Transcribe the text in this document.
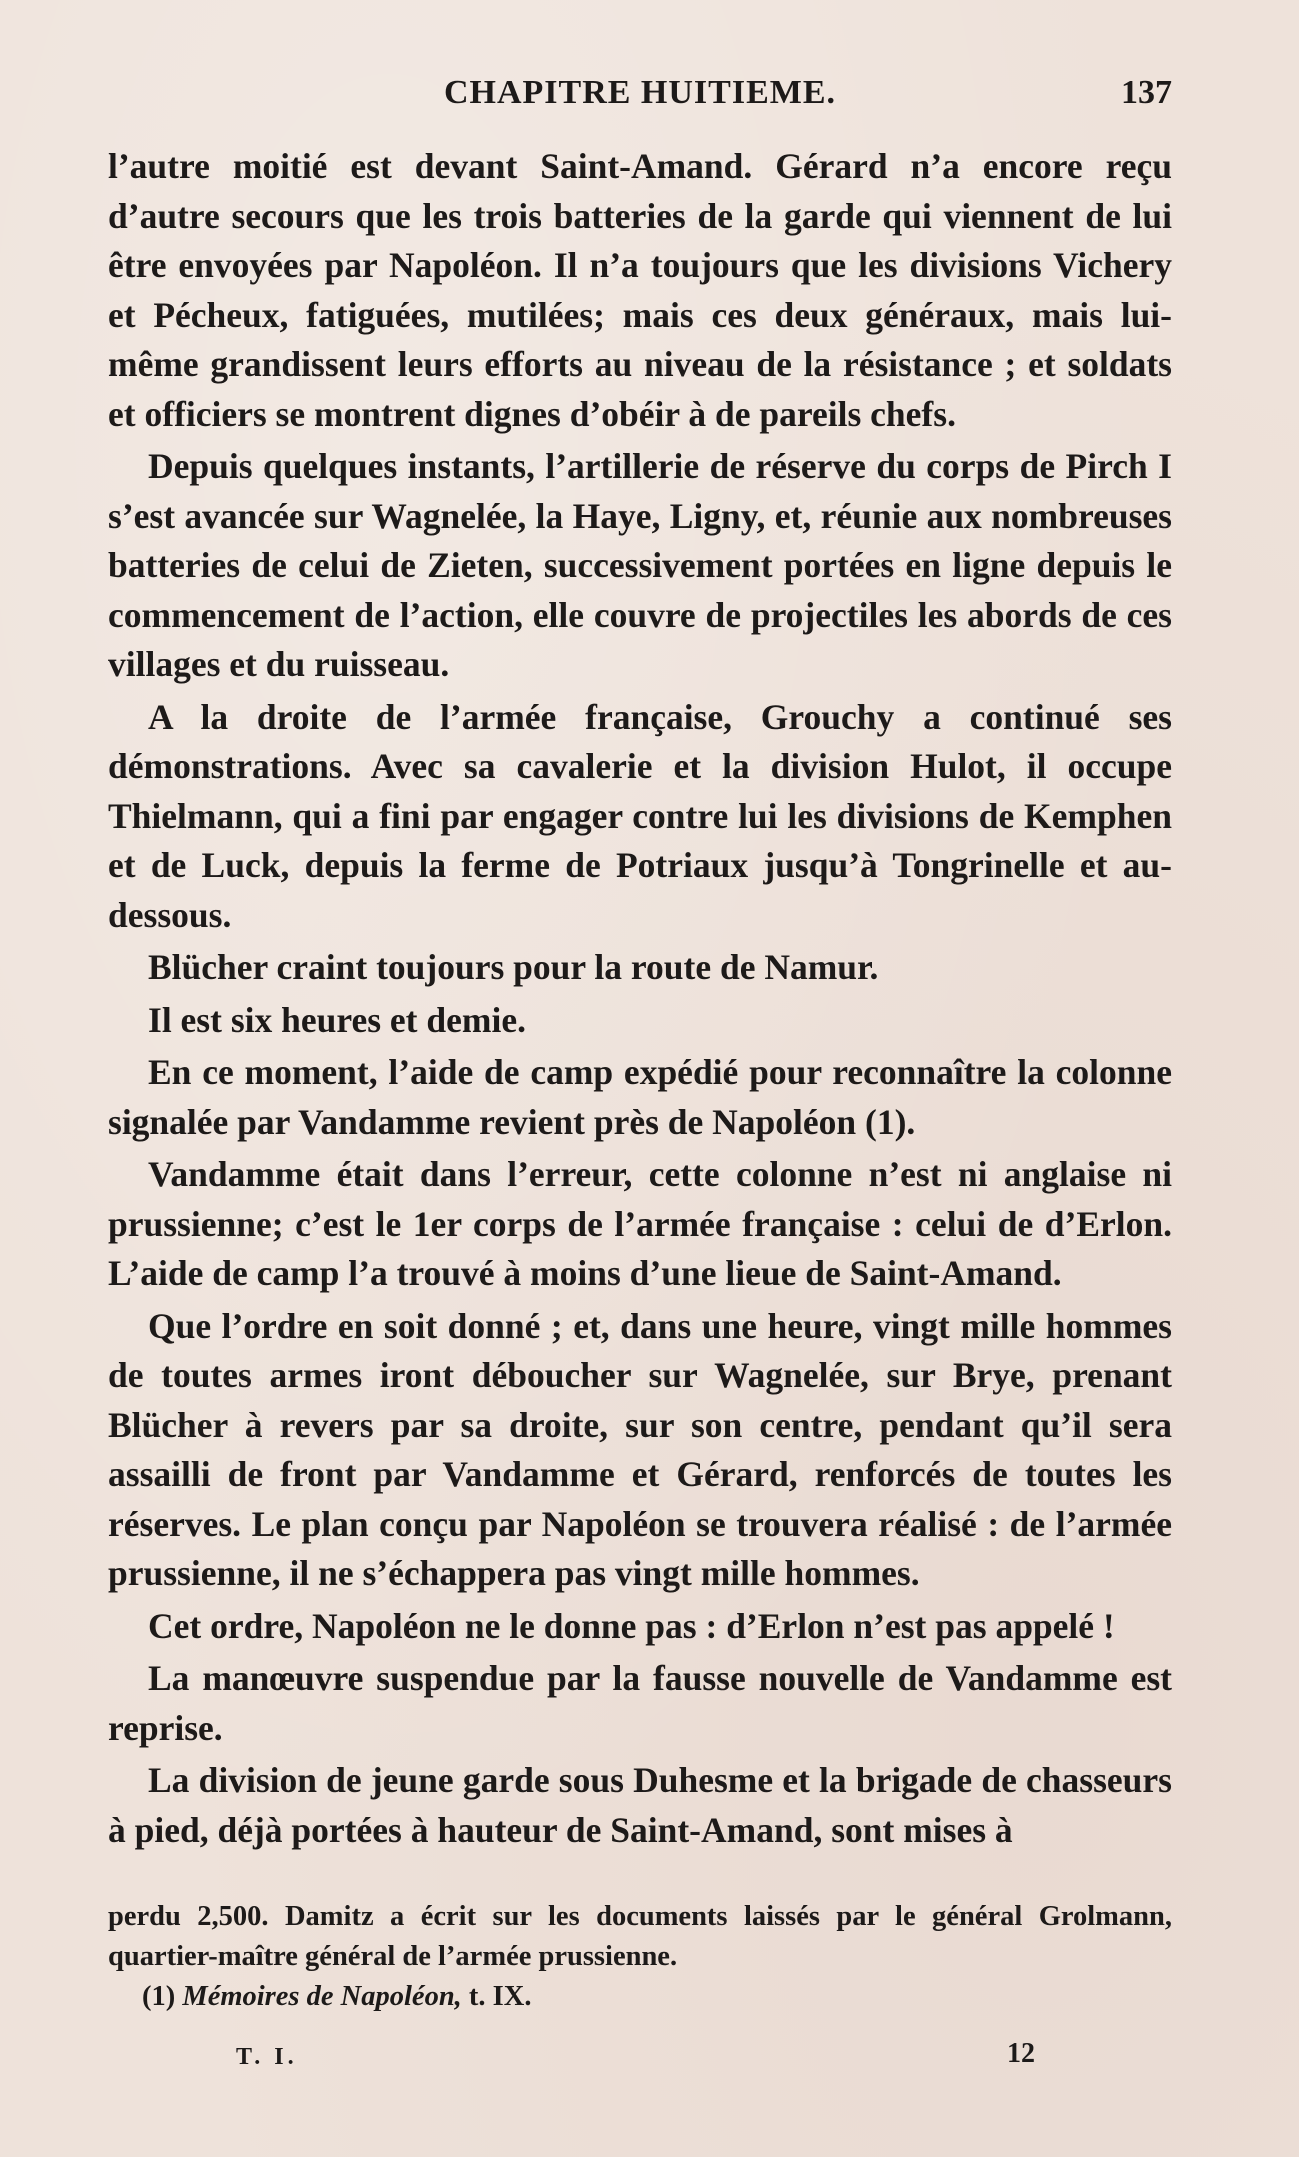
CHAPITRE HUITIEME.	137

l’autre moitié est devant Saint-Amand. Gérard n’a encore reçu d’autre secours que les trois batteries de la garde qui viennent de lui être envoyées par Napoléon. Il n’a toujours que les divisions Vichery et Pécheux, fatiguées, mutilées; mais ces deux généraux, mais lui-même grandissent leurs efforts au niveau de la résistance ; et soldats et officiers se montrent dignes d’obéir à de pareils chefs.

Depuis quelques instants, l’artillerie de réserve du corps de Pirch I s’est avancée sur Wagnelée, la Haye, Ligny, et, réunie aux nombreuses batteries de celui de Zieten, successivement portées en ligne depuis le commencement de l’action, elle couvre de projectiles les abords de ces villages et du ruisseau.

A la droite de l’armée française, Grouchy a continué ses démonstrations. Avec sa cavalerie et la division Hulot, il occupe Thielmann, qui a fini par engager contre lui les divisions de Kemphen et de Luck, depuis la ferme de Potriaux jusqu’à Tongrinelle et au-dessous.

Blücher craint toujours pour la route de Namur.

Il est six heures et demie.

En ce moment, l’aide de camp expédié pour reconnaître la colonne signalée par Vandamme revient près de Napoléon (1).

Vandamme était dans l’erreur, cette colonne n’est ni anglaise ni prussienne; c’est le 1er corps de l’armée française : celui de d’Erlon. L’aide de camp l’a trouvé à moins d’une lieue de Saint-Amand.

Que l’ordre en soit donné ; et, dans une heure, vingt mille hommes de toutes armes iront déboucher sur Wagnelée, sur Brye, prenant Blücher à revers par sa droite, sur son centre, pendant qu’il sera assailli de front par Vandamme et Gérard, renforcés de toutes les réserves. Le plan conçu par Napoléon se trouvera réalisé : de l’armée prussienne, il ne s’échappera pas vingt mille hommes.

Cet ordre, Napoléon ne le donne pas : d’Erlon n’est pas appelé !

La manœuvre suspendue par la fausse nouvelle de Vandamme est reprise.

La division de jeune garde sous Duhesme et la brigade de chasseurs à pied, déjà portées à hauteur de Saint-Amand, sont mises à

perdu 2,500. Damitz a écrit sur les documents laissés par le général Grolmann, quartier-maître général de l’armée prussienne.

(1) Mémoires de Napoléon, t. IX.

T. I.	12
